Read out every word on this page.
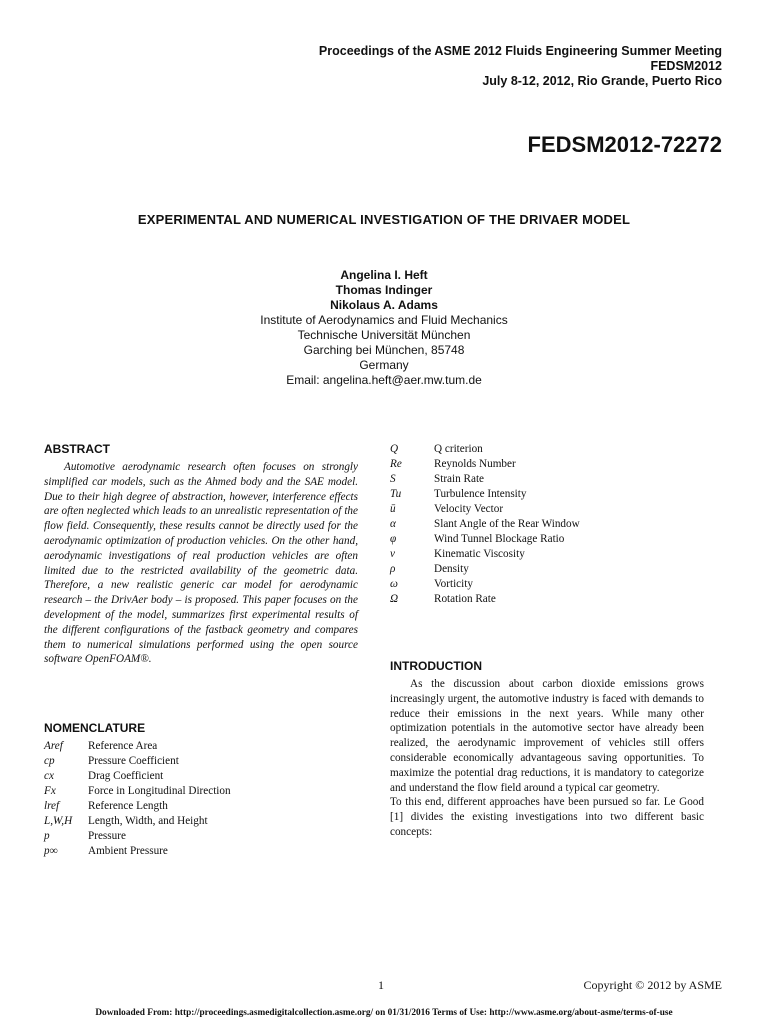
Proceedings of the ASME 2012 Fluids Engineering Summer Meeting
FEDSM2012
July 8-12, 2012, Rio Grande, Puerto Rico
FEDSM2012-72272
EXPERIMENTAL AND NUMERICAL INVESTIGATION OF THE DRIVAER MODEL
Angelina I. Heft
Thomas Indinger
Nikolaus A. Adams
Institute of Aerodynamics and Fluid Mechanics
Technische Universität München
Garching bei München, 85748
Germany
Email: angelina.heft@aer.mw.tum.de
ABSTRACT
Automotive aerodynamic research often focuses on strongly simplified car models, such as the Ahmed body and the SAE model. Due to their high degree of abstraction, however, interference effects are often neglected which leads to an unrealistic representation of the flow field. Consequently, these results cannot be directly used for the aerodynamic optimization of production vehicles. On the other hand, aerodynamic investigations of real production vehicles are often limited due to the restricted availability of the geometric data. Therefore, a new realistic generic car model for aerodynamic research – the DrivAer body – is proposed. This paper focuses on the development of the model, summarizes first experimental results of the different configurations of the fastback geometry and compares them to numerical simulations performed using the open source software OpenFOAM®.
NOMENCLATURE
Aref	Reference Area
cp	Pressure Coefficient
cx	Drag Coefficient
Fx	Force in Longitudinal Direction
lref	Reference Length
L,W,H	Length, Width, and Height
p	Pressure
p∞	Ambient Pressure
Q	Q criterion
Re	Reynolds Number
S	Strain Rate
Tu	Turbulence Intensity
ū	Velocity Vector
α	Slant Angle of the Rear Window
φ	Wind Tunnel Blockage Ratio
ν	Kinematic Viscosity
ρ	Density
ω	Vorticity
Ω	Rotation Rate
INTRODUCTION

As the discussion about carbon dioxide emissions grows increasingly urgent, the automotive industry is faced with demands to reduce their emissions in the next years. While many other optimization potentials in the automotive sector have already been realized, the aerodynamic improvement of vehicles still offers considerable economically advantageous saving opportunities. To maximize the potential drag reductions, it is mandatory to categorize and understand the flow field around a typical car geometry.

To this end, different approaches have been pursued so far. Le Good [1] divides the existing investigations into two different basic concepts:

1	Copyright © 2012 by ASME
Downloaded From: http://proceedings.asmedigitalcollection.asme.org/ on 01/31/2016 Terms of Use: http://www.asme.org/about-asme/terms-of-use
